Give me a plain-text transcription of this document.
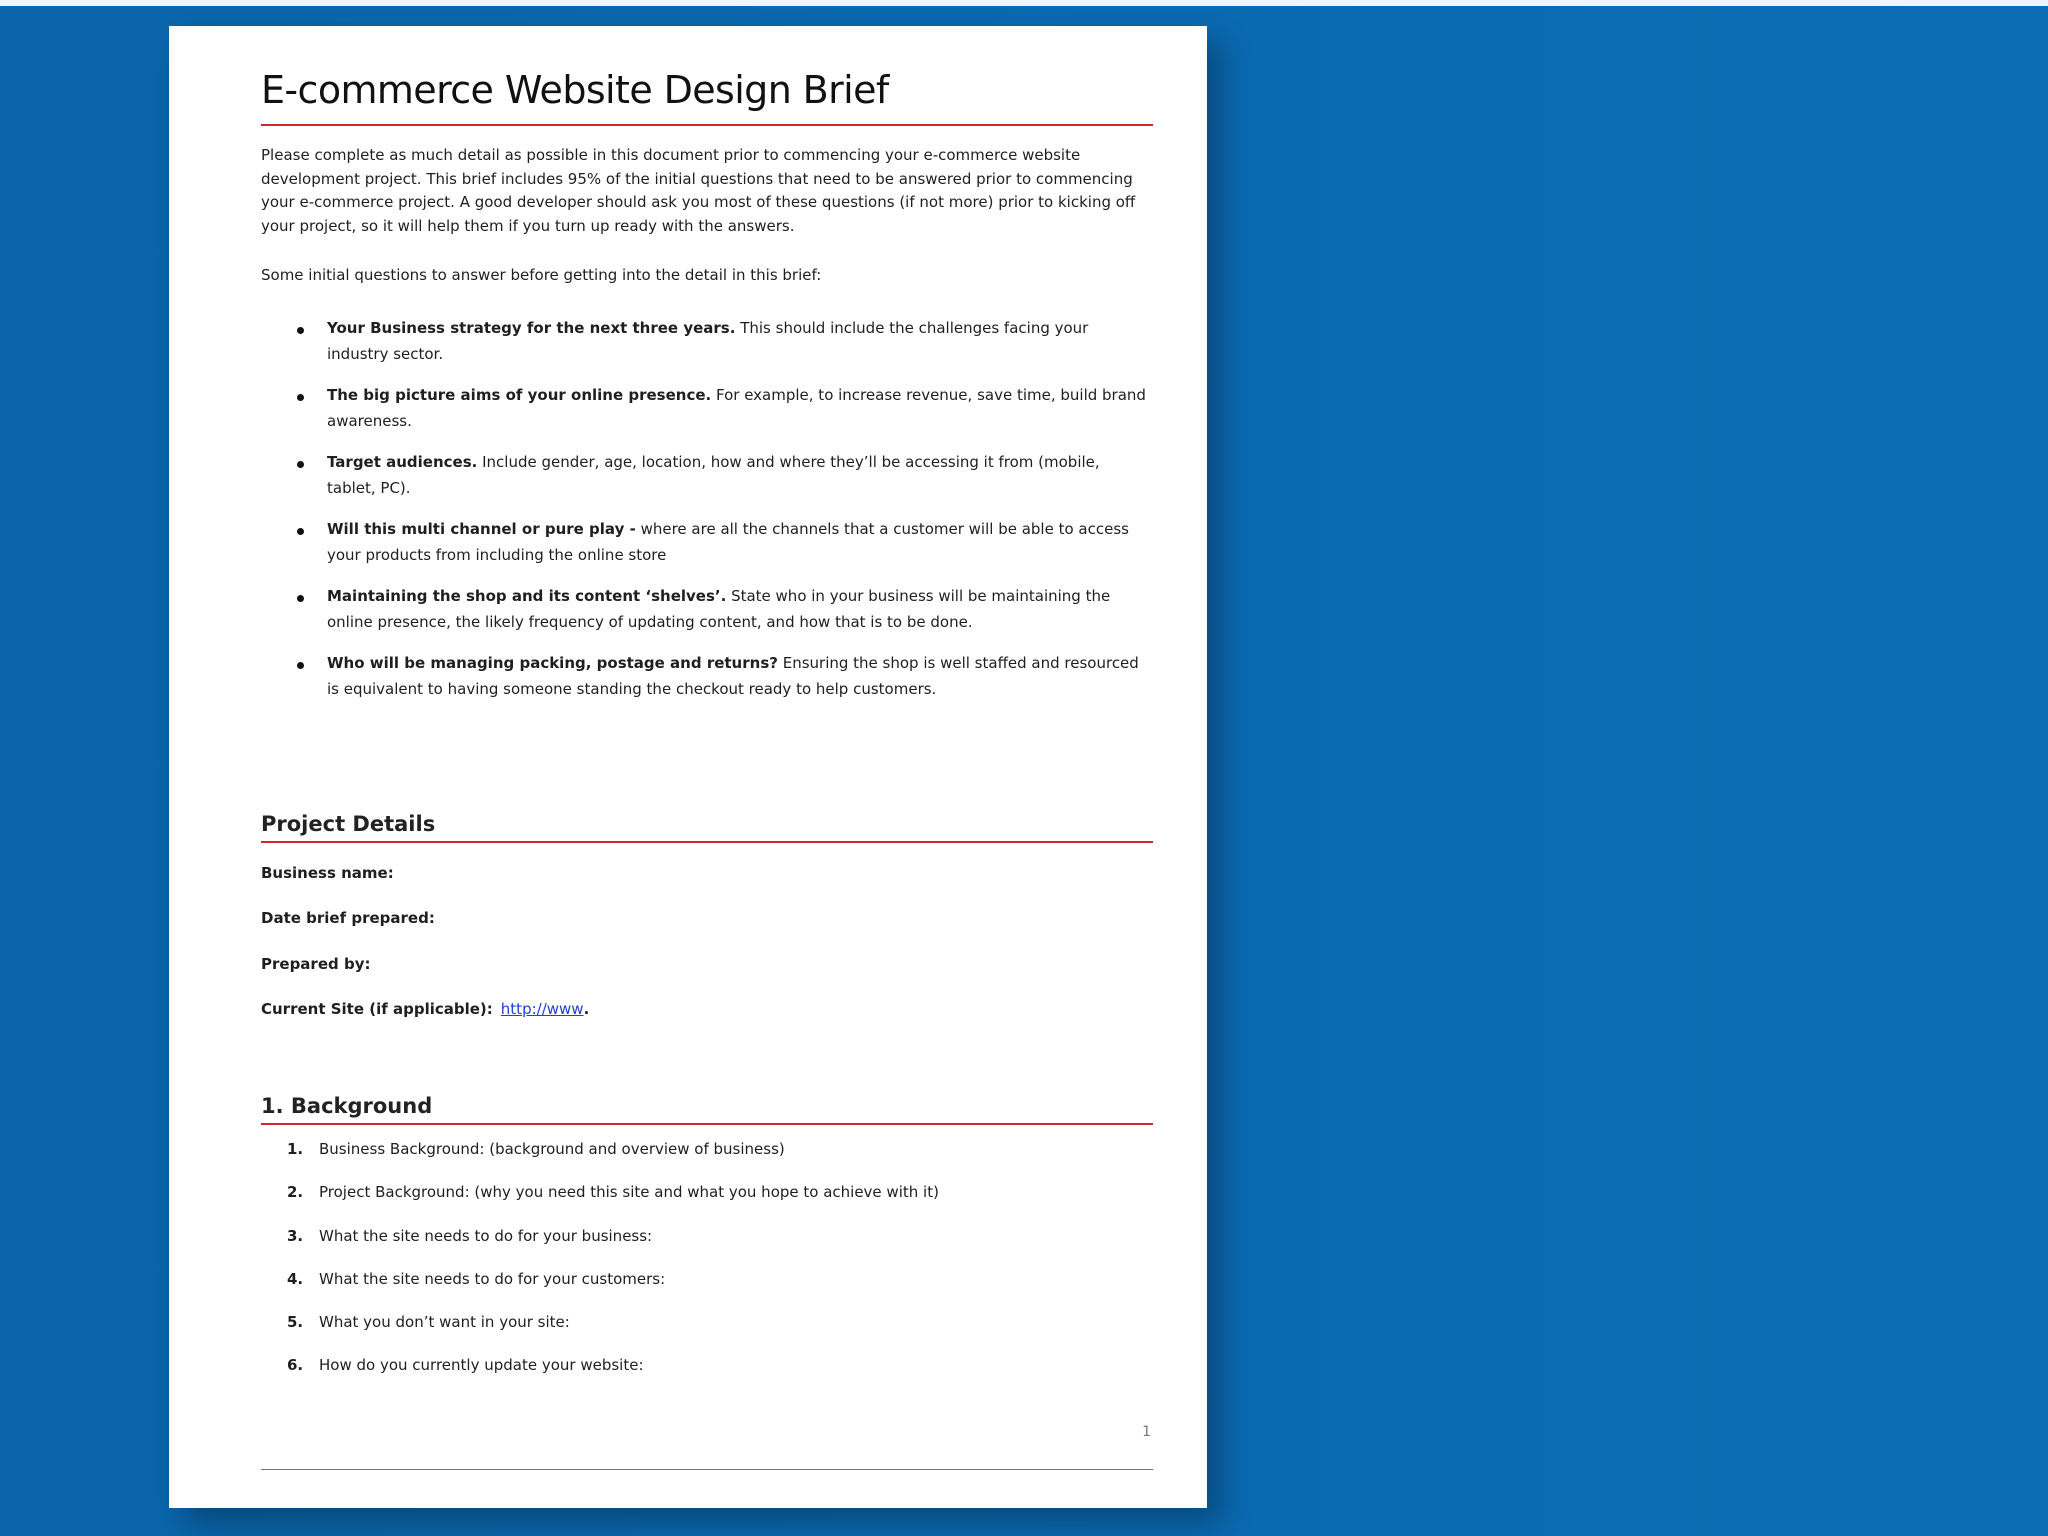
E-commerce Website Design Brief

Please complete as much detail as possible in this document prior to commencing your e-commerce website development project. This brief includes 95% of the initial questions that need to be answered prior to commencing your e-commerce project. A good developer should ask you most of these questions (if not more) prior to kicking off your project, so it will help them if you turn up ready with the answers.

Some initial questions to answer before getting into the detail in this brief:

Your Business strategy for the next three years. This should include the challenges facing your industry sector.
The big picture aims of your online presence. For example, to increase revenue, save time, build brand awareness.
Target audiences. Include gender, age, location, how and where they’ll be accessing it from (mobile, tablet, PC).
Will this multi channel or pure play - where are all the channels that a customer will be able to access your products from including the online store
Maintaining the shop and its content ‘shelves’. State who in your business will be maintaining the online presence, the likely frequency of updating content, and how that is to be done.
Who will be managing packing, postage and returns? Ensuring the shop is well staffed and resourced is equivalent to having someone standing the checkout ready to help customers.
Project Details
Business name:
Date brief prepared:
Prepared by:
Current Site (if applicable): http://www.
1. Background
1. Business Background: (background and overview of business)
2. Project Background: (why you need this site and what you hope to achieve with it)
3. What the site needs to do for your business:
4. What the site needs to do for your customers:
5. What you don’t want in your site:
6. How do you currently update your website:
1
